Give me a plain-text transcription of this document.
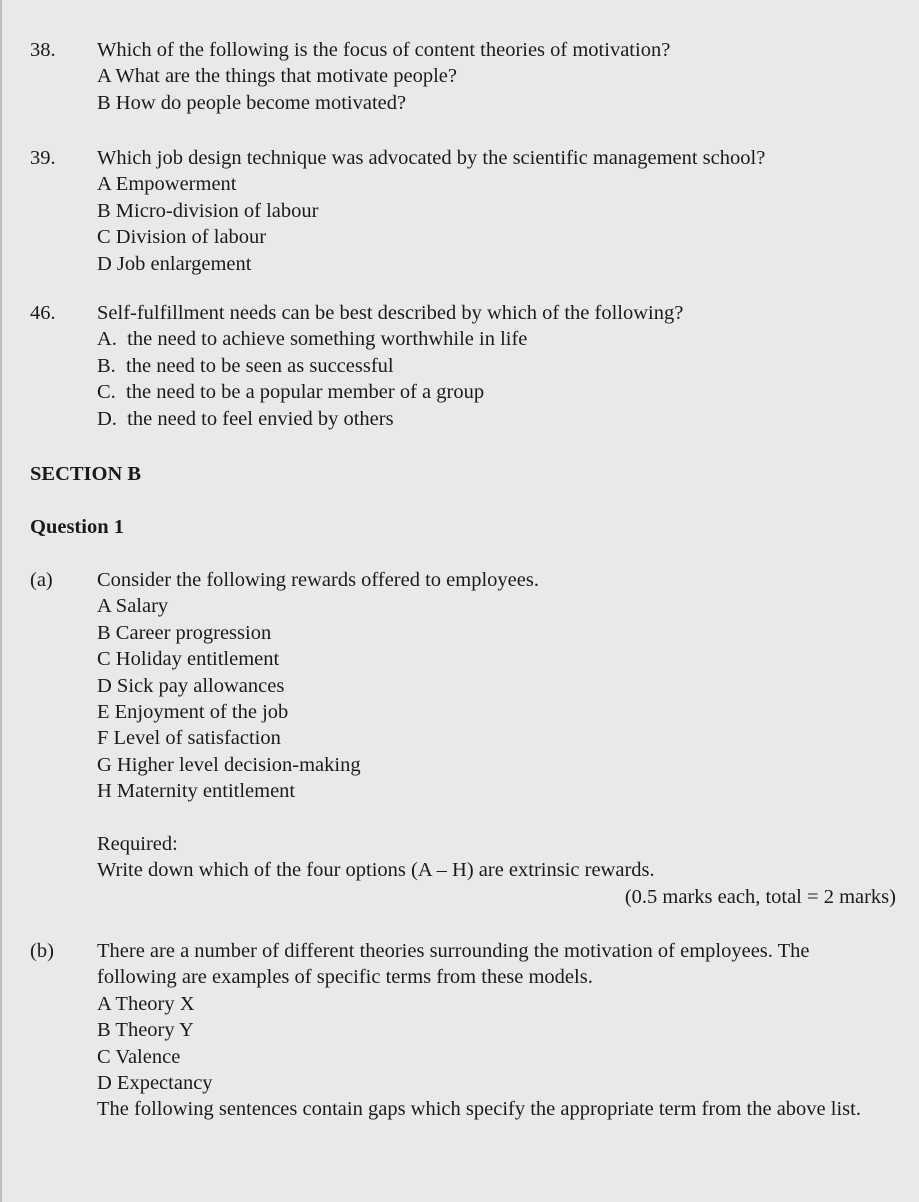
38. Which of the following is the focus of content theories of motivation?
A What are the things that motivate people?
B How do people become motivated?
39. Which job design technique was advocated by the scientific management school?
A Empowerment
B Micro-division of labour
C Division of labour
D Job enlargement
46. Self-fulfillment needs can be best described by which of the following?
A.  the need to achieve something worthwhile in life
B.  the need to be seen as successful
C.  the need to be a popular member of a group
D.  the need to feel envied by others
SECTION B
Question 1
(a) Consider the following rewards offered to employees.
A Salary
B Career progression
C Holiday entitlement
D Sick pay allowances
E Enjoyment of the job
F Level of satisfaction
G Higher level decision-making
H Maternity entitlement
Required:
Write down which of the four options (A – H) are extrinsic rewards.
(0.5 marks each, total = 2 marks)
(b) There are a number of different theories surrounding the motivation of employees. The
following are examples of specific terms from these models.
A Theory X
B Theory Y
C Valence
D Expectancy
The following sentences contain gaps which specify the appropriate term from the above list.
